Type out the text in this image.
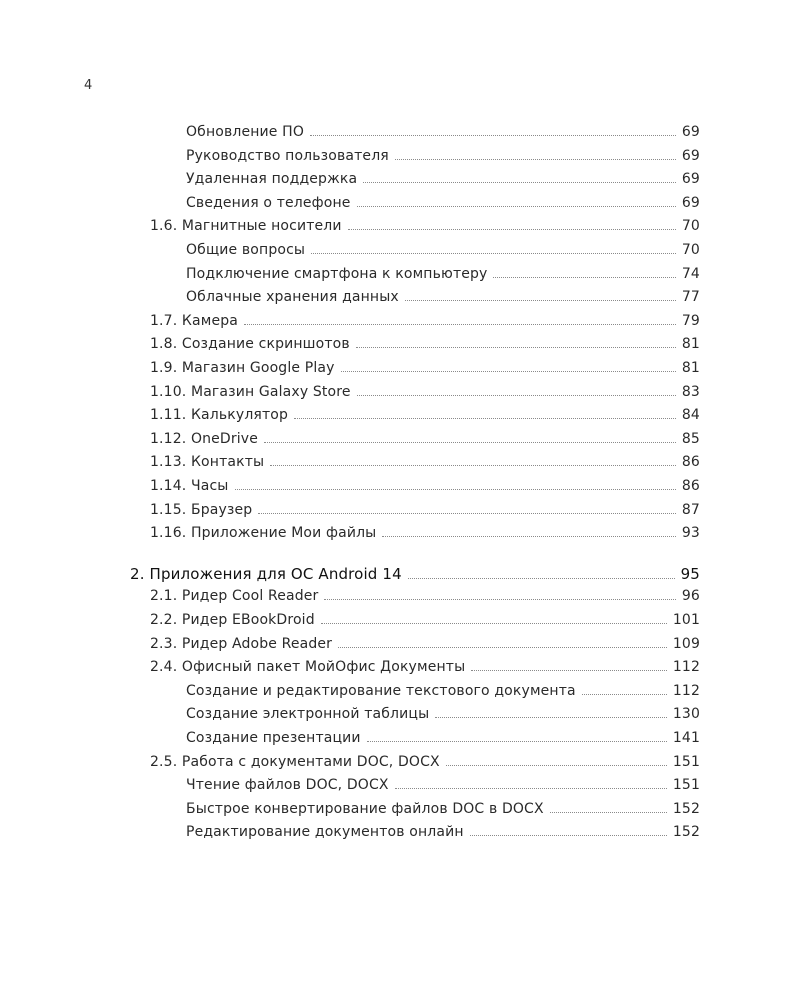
4
Обновление ПО	69
Руководство пользователя	69
Удаленная поддержка	69
Сведения о телефоне	69
1.6. Магнитные носители	70
Общие вопросы	70
Подключение смартфона к компьютеру	74
Облачные хранения данных	77
1.7. Камера	79
1.8. Создание скриншотов	81
1.9. Магазин Google Play	81
1.10. Магазин Galaxy Store	83
1.11. Калькулятор	84
1.12. OneDrive	85
1.13. Контакты	86
1.14. Часы	86
1.15. Браузер	87
1.16. Приложение Мои файлы	93
2. Приложения для ОС Android 14	95
2.1. Ридер Cool Reader	96
2.2. Ридер EBookDroid	101
2.3. Ридер Adobe Reader	109
2.4. Офисный пакет МойОфис Документы	112
Создание и редактирование текстового документа	112
Создание электронной таблицы	130
Создание презентации	141
2.5. Работа с документами DOC, DOCX	151
Чтение файлов DOC, DOCX	151
Быстрое конвертирование файлов DOC в DOCX	152
Редактирование документов онлайн	152
